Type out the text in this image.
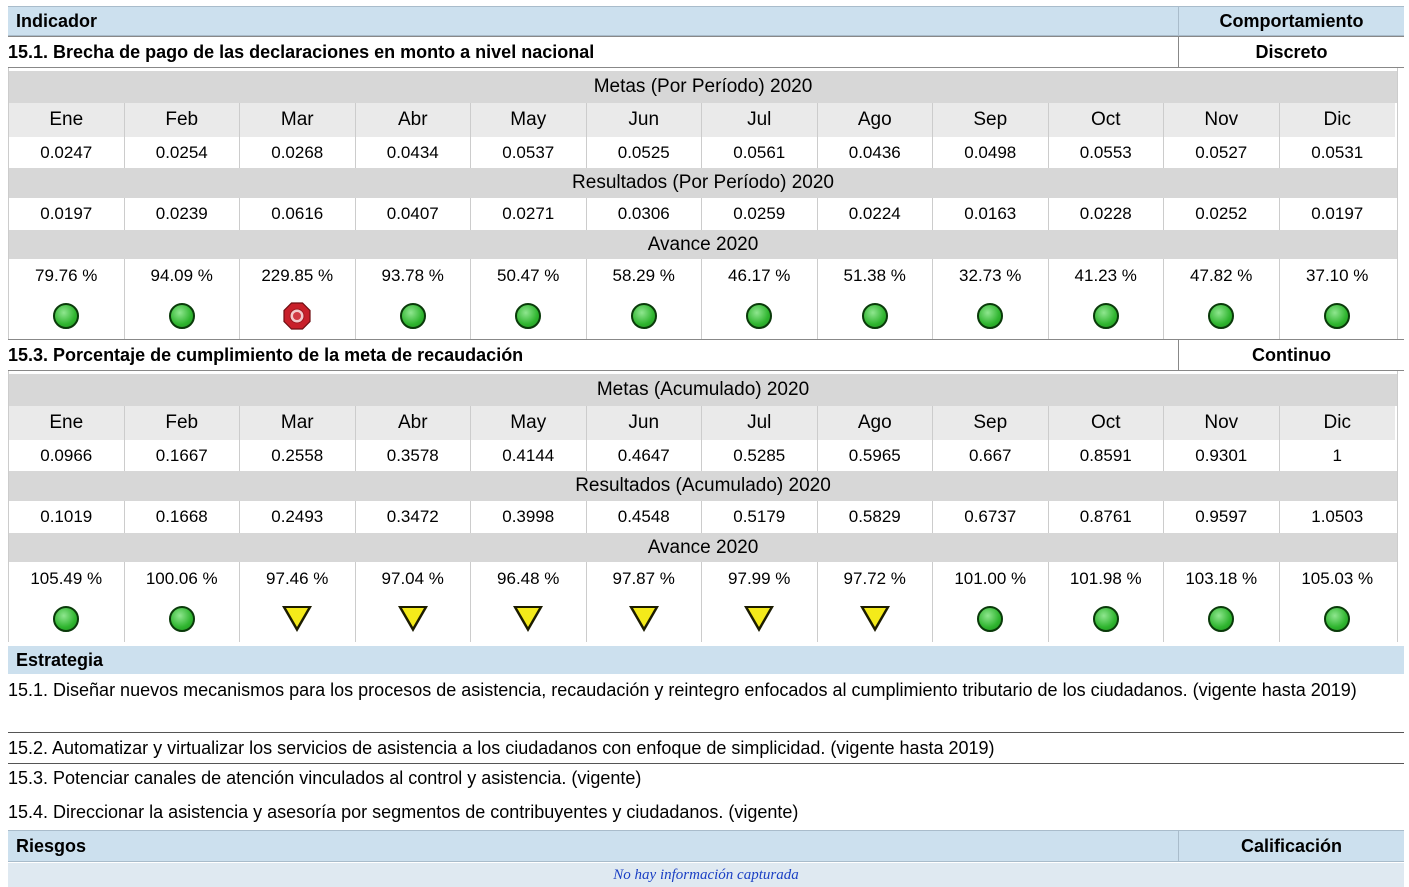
Indicador	Comportamiento
15.1. Brecha de pago de las declaraciones en monto a nivel nacional	Discreto
Metas (Por Período) 2020
Ene	Feb	Mar	Abr	May	Jun	Jul	Ago	Sep	Oct	Nov	Dic
0.0247	0.0254	0.0268	0.0434	0.0537	0.0525	0.0561	0.0436	0.0498	0.0553	0.0527	0.0531
Resultados (Por Período) 2020
0.0197	0.0239	0.0616	0.0407	0.0271	0.0306	0.0259	0.0224	0.0163	0.0228	0.0252	0.0197
Avance 2020
79.76 %	94.09 %	229.85 %	93.78 %	50.47 %	58.29 %	46.17 %	51.38 %	32.73 %	41.23 %	47.82 %	37.10 %
15.3. Porcentaje de cumplimiento de la meta de recaudación	Continuo
Metas (Acumulado) 2020
Ene	Feb	Mar	Abr	May	Jun	Jul	Ago	Sep	Oct	Nov	Dic
0.0966	0.1667	0.2558	0.3578	0.4144	0.4647	0.5285	0.5965	0.667	0.8591	0.9301	1
Resultados (Acumulado) 2020
0.1019	0.1668	0.2493	0.3472	0.3998	0.4548	0.5179	0.5829	0.6737	0.8761	0.9597	1.0503
Avance 2020
105.49 %	100.06 %	97.46 %	97.04 %	96.48 %	97.87 %	97.99 %	97.72 %	101.00 %	101.98 %	103.18 %	105.03 %
Estrategia
15.1. Diseñar nuevos mecanismos para los procesos de asistencia, recaudación y reintegro enfocados al cumplimiento tributario de los ciudadanos. (vigente hasta 2019)
15.2. Automatizar y virtualizar los servicios de asistencia a los ciudadanos con enfoque de simplicidad. (vigente hasta 2019)
15.3. Potenciar canales de atención vinculados al control y asistencia. (vigente)
15.4. Direccionar la asistencia y asesoría por segmentos de contribuyentes y ciudadanos. (vigente)
Riesgos	Calificación
No hay información capturada
